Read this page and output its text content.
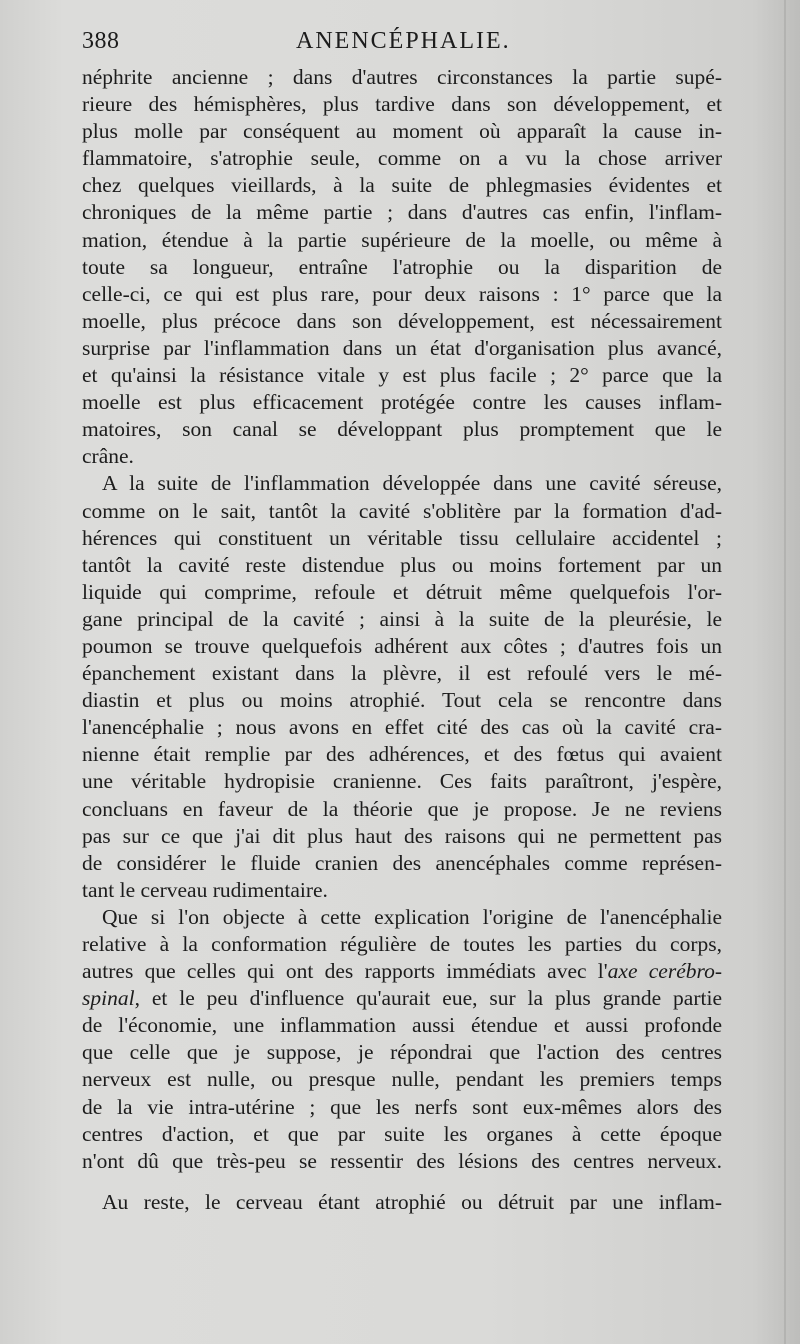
388	ANENCÉPHALIE.
néphrite ancienne ; dans d'autres circonstances la partie supé-
rieure des hémisphères, plus tardive dans son développement, et
plus molle par conséquent au moment où apparaît la cause in-
flammatoire, s'atrophie seule, comme on a vu la chose arriver
chez quelques vieillards, à la suite de phlegmasies évidentes et
chroniques de la même partie ; dans d'autres cas enfin, l'inflam-
mation, étendue à la partie supérieure de la moelle, ou même à
toute sa longueur, entraîne l'atrophie ou la disparition de
celle-ci, ce qui est plus rare, pour deux raisons : 1° parce que la
moelle, plus précoce dans son développement, est nécessairement
surprise par l'inflammation dans un état d'organisation plus avancé,
et qu'ainsi la résistance vitale y est plus facile ; 2° parce que la
moelle est plus efficacement protégée contre les causes inflam-
matoires, son canal se développant plus promptement que le
crâne.
A la suite de l'inflammation développée dans une cavité séreuse,
comme on le sait, tantôt la cavité s'oblitère par la formation d'ad-
hérences qui constituent un véritable tissu cellulaire accidentel ;
tantôt la cavité reste distendue plus ou moins fortement par un
liquide qui comprime, refoule et détruit même quelquefois l'or-
gane principal de la cavité ; ainsi à la suite de la pleurésie, le
poumon se trouve quelquefois adhérent aux côtes ; d'autres fois un
épanchement existant dans la plèvre, il est refoulé vers le mé-
diastin et plus ou moins atrophié. Tout cela se rencontre dans
l'anencéphalie ; nous avons en effet cité des cas où la cavité cra-
nienne était remplie par des adhérences, et des fœtus qui avaient
une véritable hydropisie cranienne. Ces faits paraîtront, j'espère,
concluans en faveur de la théorie que je propose. Je ne reviens
pas sur ce que j'ai dit plus haut des raisons qui ne permettent pas
de considérer le fluide cranien des anencéphales comme représen-
tant le cerveau rudimentaire.
Que si l'on objecte à cette explication l'origine de l'anencéphalie
relative à la conformation régulière de toutes les parties du corps,
autres que celles qui ont des rapports immédiats avec l'axe cerébro-
spinal, et le peu d'influence qu'aurait eue, sur la plus grande partie
de l'économie, une inflammation aussi étendue et aussi profonde
que celle que je suppose, je répondrai que l'action des centres
nerveux est nulle, ou presque nulle, pendant les premiers temps
de la vie intra-utérine ; que les nerfs sont eux-mêmes alors des
centres d'action, et que par suite les organes à cette époque
n'ont dû que très-peu se ressentir des lésions des centres nerveux.
Au reste, le cerveau étant atrophié ou détruit par une inflam-
